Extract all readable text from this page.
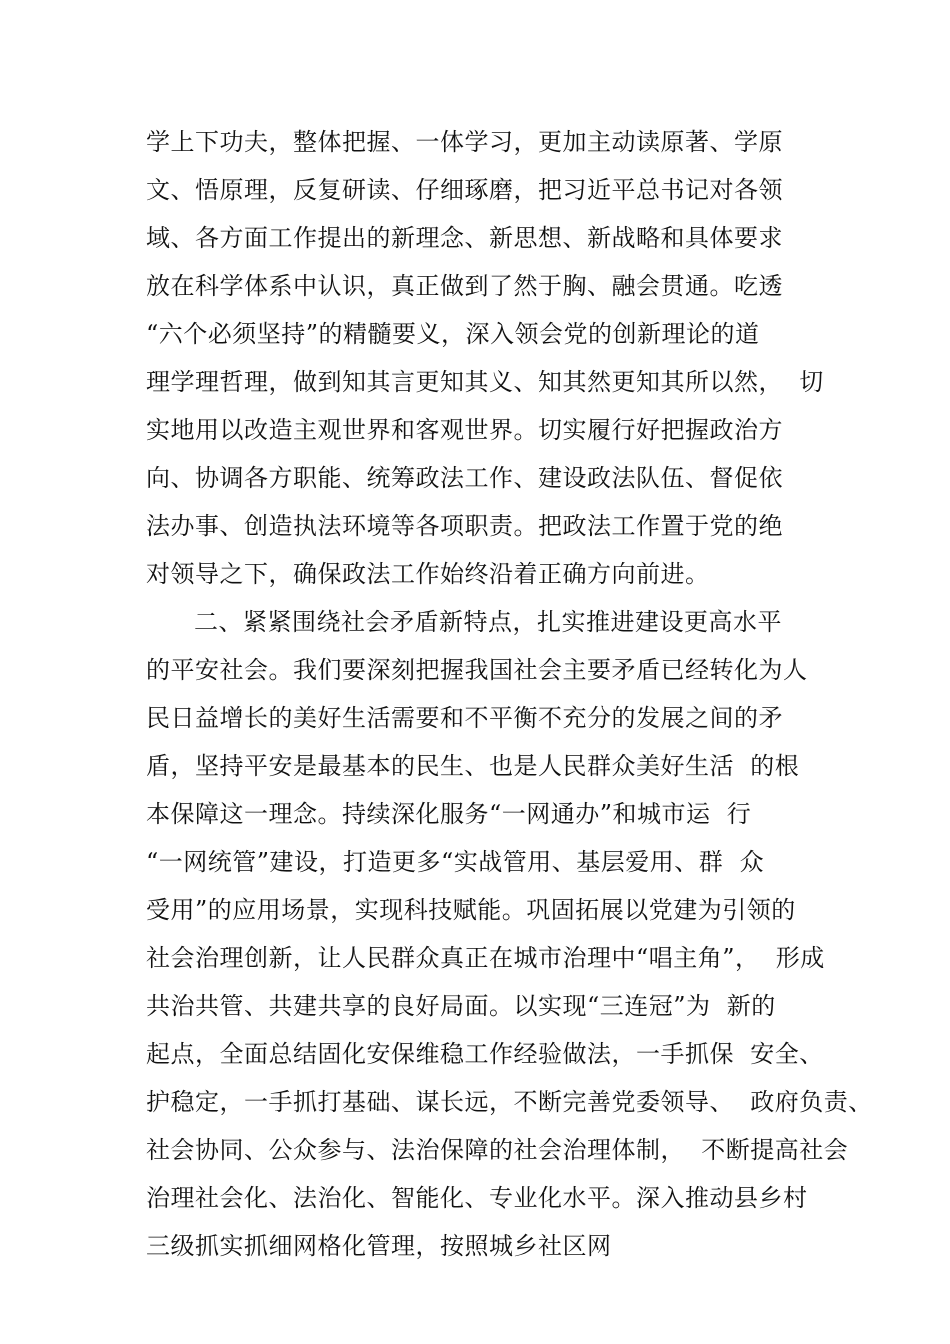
学上下功夫，整体把握、一体学习，更加主动读原著、学原
文、悟原理，反复研读、仔细琢磨，把习近平总书记对各领
域、各方面工作提出的新理念、新思想、新战略和具体要求
放在科学体系中认识，真正做到了然于胸、融会贯通。吃透
“六个必须坚持”的精髓要义，深入领会党的创新理论的道
理学理哲理，做到知其言更知其义、知其然更知其所以然，  切
实地用以改造主观世界和客观世界。切实履行好把握政治方
向、协调各方职能、统筹政法工作、建设政法队伍、督促依
法办事、创造执法环境等各项职责。把政法工作置于党的绝
对领导之下，确保政法工作始终沿着正确方向前进。
二、紧紧围绕社会矛盾新特点，扎实推进建设更高水平
的平安社会。我们要深刻把握我国社会主要矛盾已经转化为人
民日益增长的美好生活需要和不平衡不充分的发展之间的矛
盾，坚持平安是最基本的民生、也是人民群众美好生活  的根
本保障这一理念。持续深化服务“一网通办”和城市运  行
“一网统管”建设，打造更多“实战管用、基层爱用、群  众
受用”的应用场景，实现科技赋能。巩固拓展以党建为引领的
社会治理创新，让人民群众真正在城市治理中“唱主角”，  形成
共治共管、共建共享的良好局面。以实现“三连冠”为  新的
起点，全面总结固化安保维稳工作经验做法，一手抓保  安全、
护稳定，一手抓打基础、谋长远，不断完善党委领导、  政府负责、
社会协同、公众参与、法治保障的社会治理体制，  不断提高社会
治理社会化、法治化、智能化、专业化水平。深入推动县乡村
三级抓实抓细网格化管理，按照城乡社区网
